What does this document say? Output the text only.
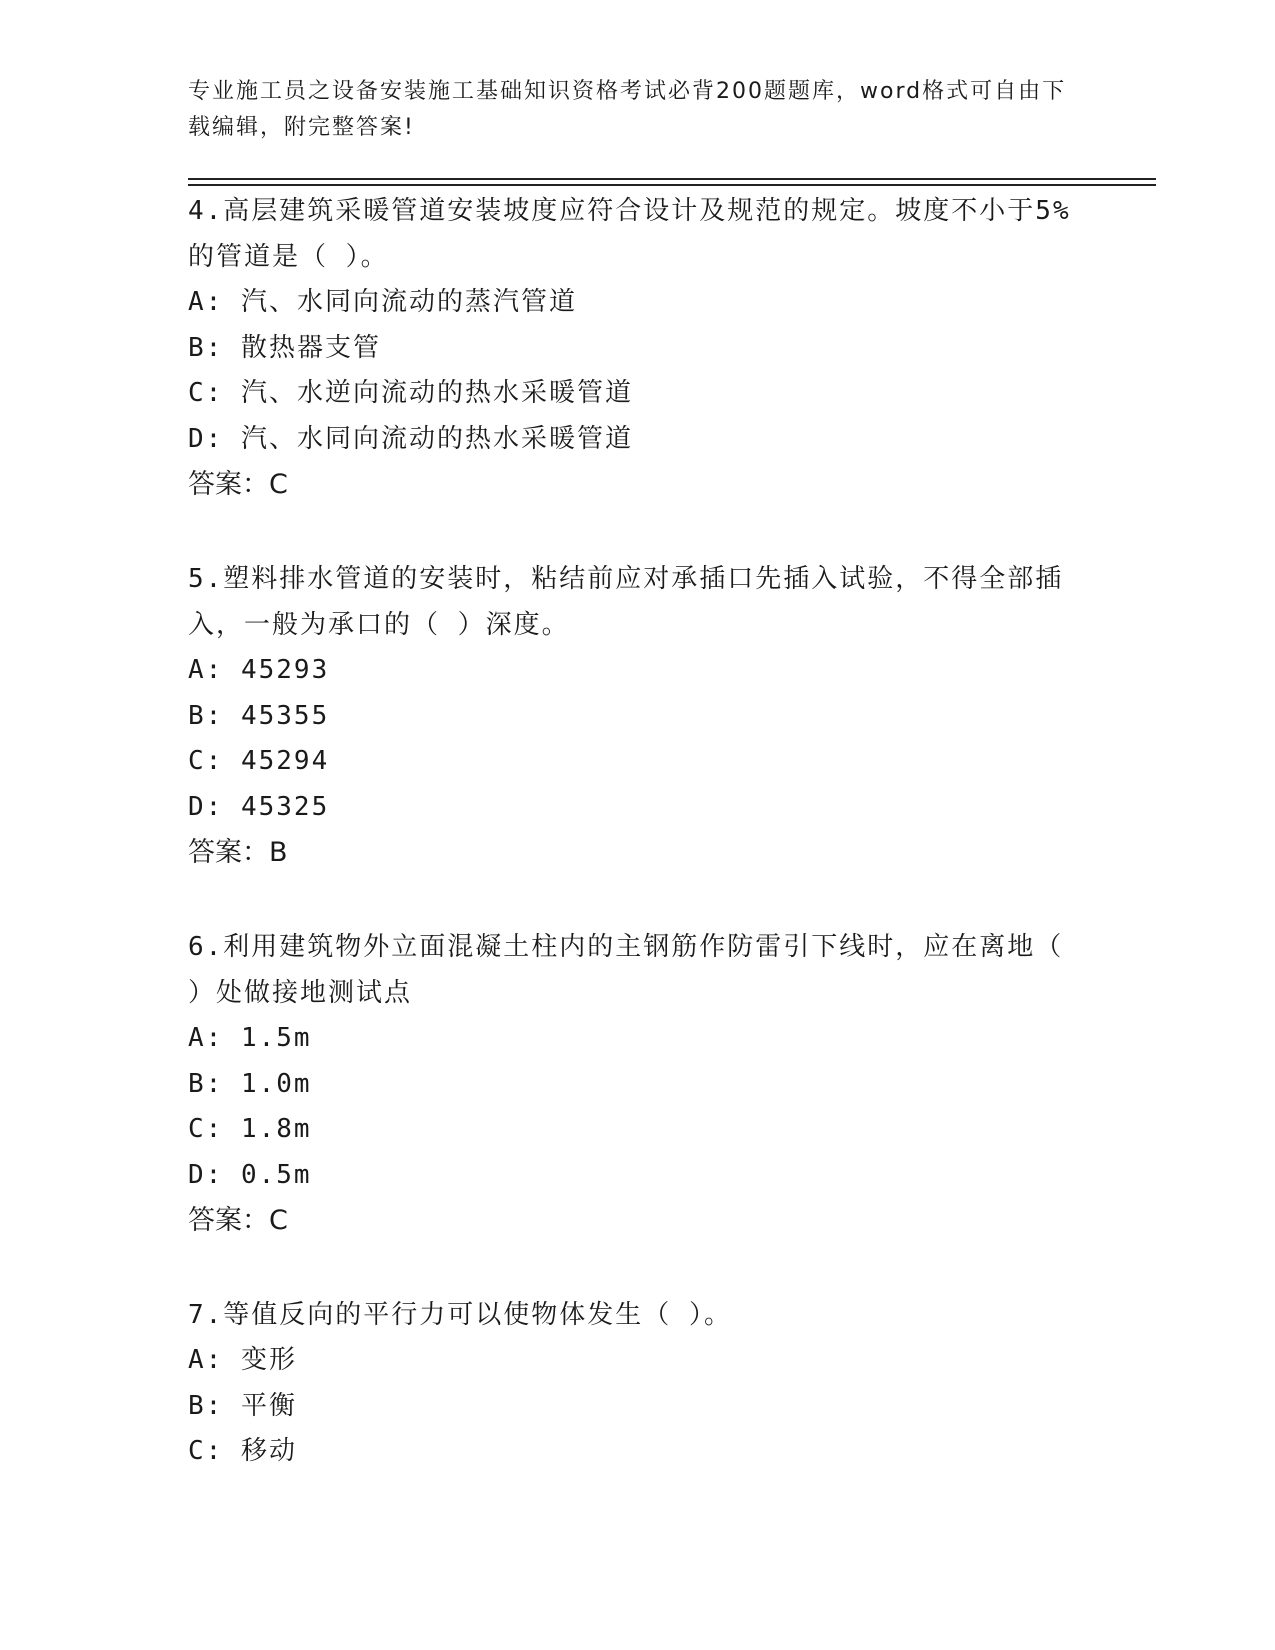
专业施工员之设备安装施工基础知识资格考试必背200题题库，word格式可自由下载编辑，附完整答案!

4.高层建筑采暖管道安装坡度应符合设计及规范的规定。坡度不小于5%的管道是（ ）。

A: 汽、水同向流动的蒸汽管道

B: 散热器支管

C: 汽、水逆向流动的热水采暖管道

D: 汽、水同向流动的热水采暖管道

答案：C

5.塑料排水管道的安装时，粘结前应对承插口先插入试验，不得全部插入，一般为承口的（ ）深度。

A: 45293

B: 45355

C: 45294

D: 45325

答案：B

6.利用建筑物外立面混凝土柱内的主钢筋作防雷引下线时，应在离地（ ）处做接地测试点

A: 1.5m

B: 1.0m

C: 1.8m

D: 0.5m

答案：C

7.等值反向的平行力可以使物体发生（ ）。

A: 变形

B: 平衡

C: 移动
